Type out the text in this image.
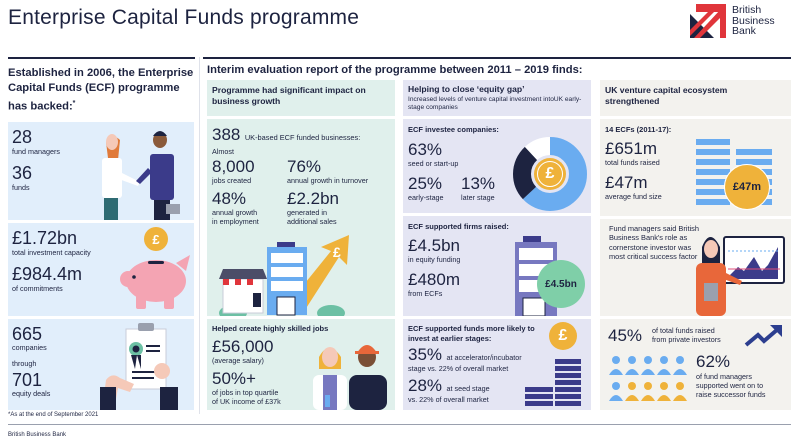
Enterprise Capital Funds programme	British
Business
Bank
Established in 2006, the Enterprise Capital Funds (ECF) programme has backed:*
28
fund managers
36
funds
£1.72bn
total investment capacity
£984.4m
of commitments
£
665
companies
through
701
equity deals
Interim evaluation report of the programme between 2011 – 2019 finds:
Programme had significant impact on business growth
388 UK-based ECF funded businesses:
Almost
8,000
jobs created
76%
annual growth in turnover
48%
annual growth
in employment
£2.2bn
generated in
additional sales
£
Helped create highly skilled jobs
£56,000
(average salary)
50%+
of jobs in top quartile
of UK income of £37k
Helping to close ‘equity gap’
Increased levels of venture capital investment intoUK early-stage companies
ECF investee companies:
63%
seed or start-up
25%
early-stage
13%
later stage
£
ECF supported firms raised:
£4.5bn
in equity funding
£480m
from ECFs
£4.5bn
ECF supported funds more likely to invest at earlier stages:
35% at accelerator/incubator
stage vs. 22% of overall market
28% at seed stage
vs. 22% of overall market
£
UK venture capital ecosystem strengthened
14 ECFs (2011-17):
£651m
total funds raised
£47m
average fund size
£47m
Fund managers said British Business Bank's role as cornerstone investor was most critical success factor
45% of total funds raised
from private investors
62%
of fund managers
supported went on to
raise successor funds
*As at the end of September 2021
British Business Bank
